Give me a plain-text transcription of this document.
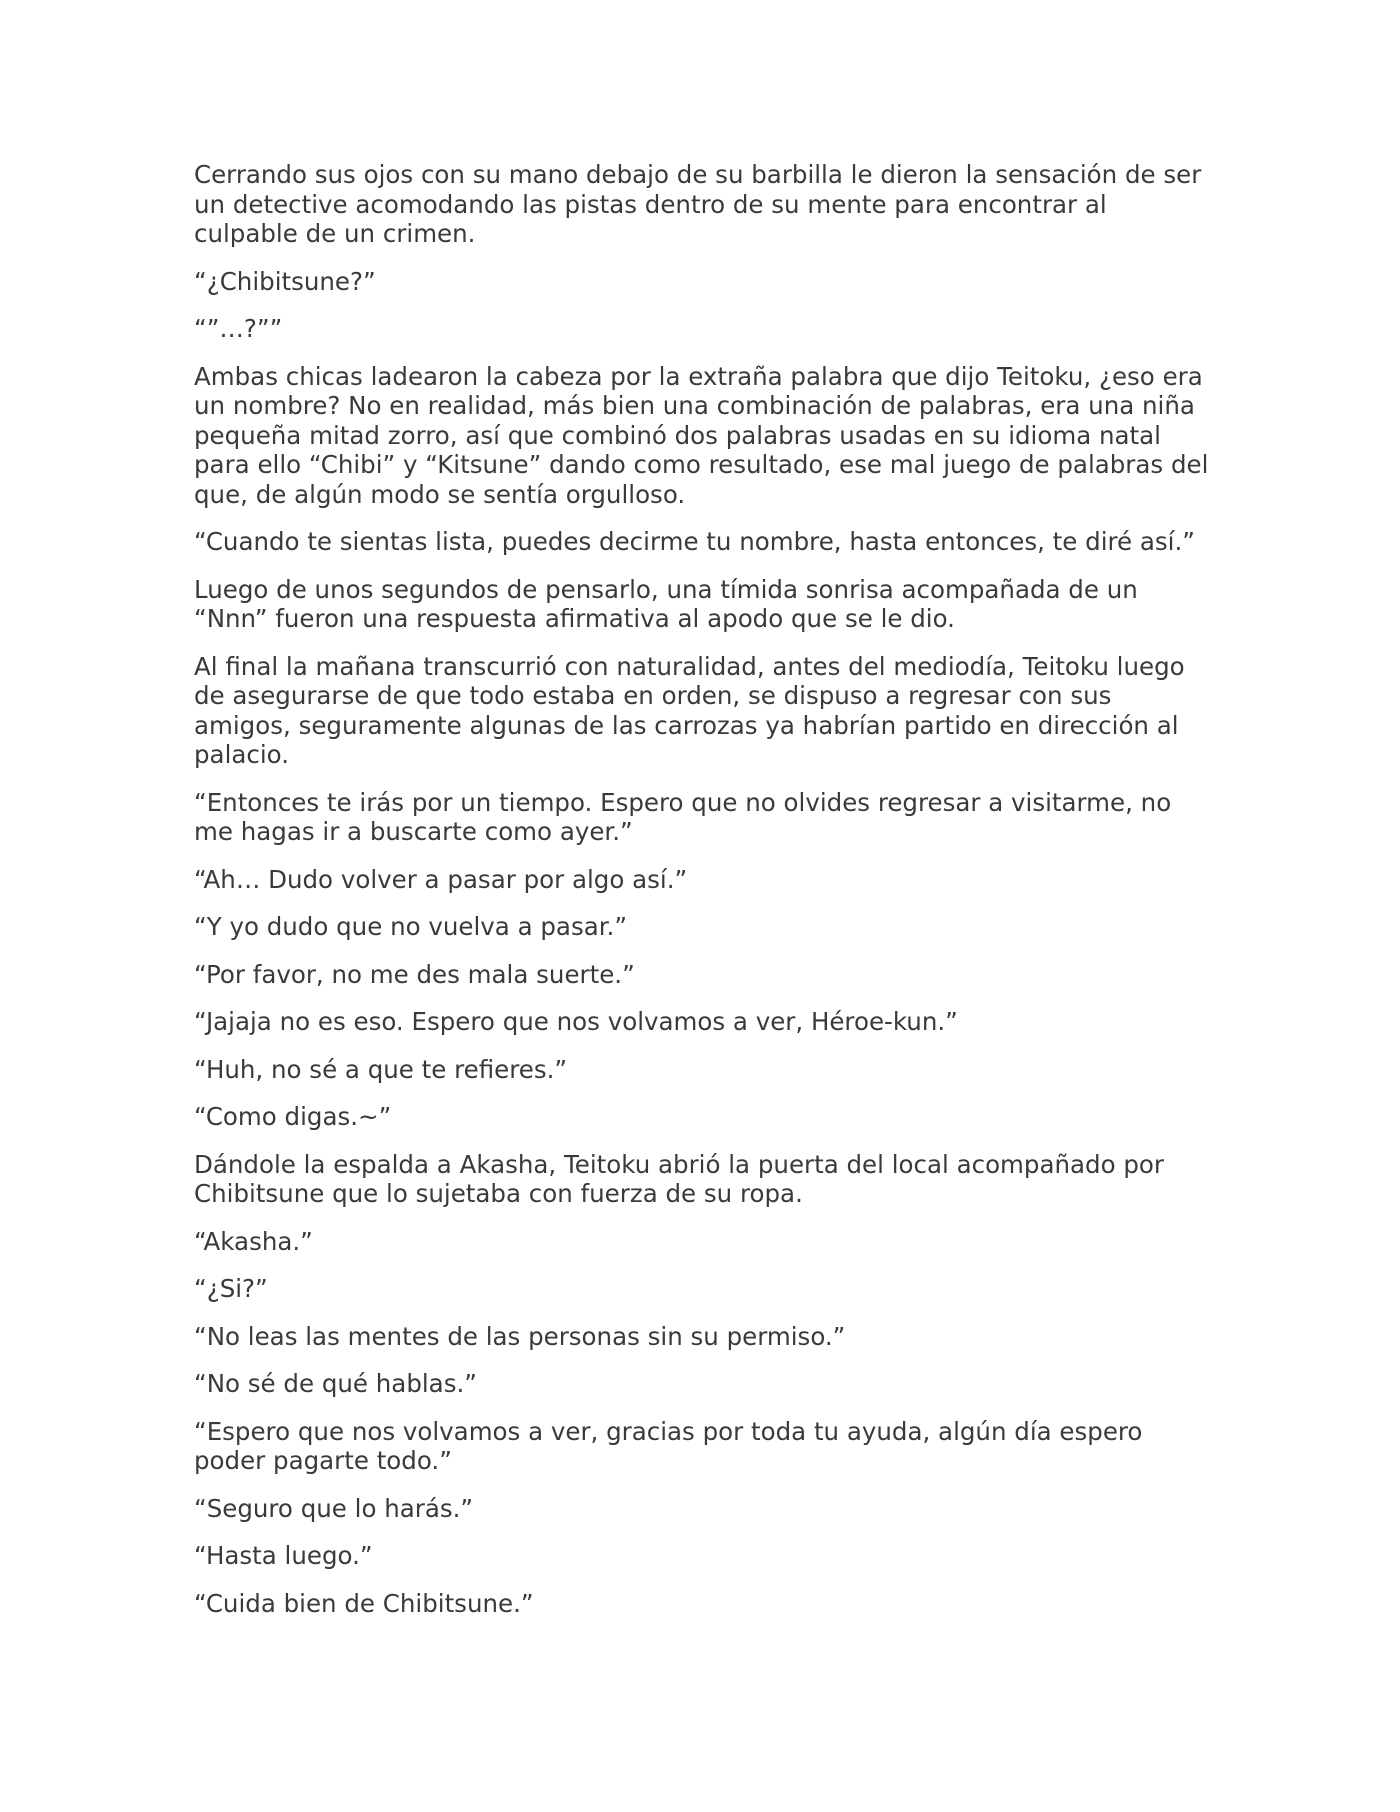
Cerrando sus ojos con su mano debajo de su barbilla le dieron la sensación de ser un detective acomodando las pistas dentro de su mente para encontrar al culpable de un crimen.

“¿Chibitsune?”

“”…?””

Ambas chicas ladearon la cabeza por la extraña palabra que dijo Teitoku, ¿eso era un nombre? No en realidad, más bien una combinación de palabras, era una niña pequeña mitad zorro, así que combinó dos palabras usadas en su idioma natal para ello “Chibi” y “Kitsune” dando como resultado, ese mal juego de palabras del que, de algún modo se sentía orgulloso.

“Cuando te sientas lista, puedes decirme tu nombre, hasta entonces, te diré así.”

Luego de unos segundos de pensarlo, una tímida sonrisa acompañada de un “Nnn” fueron una respuesta afirmativa al apodo que se le dio.

Al final la mañana transcurrió con naturalidad, antes del mediodía, Teitoku luego de asegurarse de que todo estaba en orden, se dispuso a regresar con sus amigos, seguramente algunas de las carrozas ya habrían partido en dirección al palacio.

“Entonces te irás por un tiempo. Espero que no olvides regresar a visitarme, no me hagas ir a buscarte como ayer.”

“Ah… Dudo volver a pasar por algo así.”

“Y yo dudo que no vuelva a pasar.”

“Por favor, no me des mala suerte.”

“Jajaja no es eso. Espero que nos volvamos a ver, Héroe-kun.”

“Huh, no sé a que te refieres.”

“Como digas.~”

Dándole la espalda a Akasha, Teitoku abrió la puerta del local acompañado por Chibitsune que lo sujetaba con fuerza de su ropa.

“Akasha.”

“¿Si?”

“No leas las mentes de las personas sin su permiso.”

“No sé de qué hablas.”

“Espero que nos volvamos a ver, gracias por toda tu ayuda, algún día espero poder pagarte todo.”

“Seguro que lo harás.”

“Hasta luego.”

“Cuida bien de Chibitsune.”
